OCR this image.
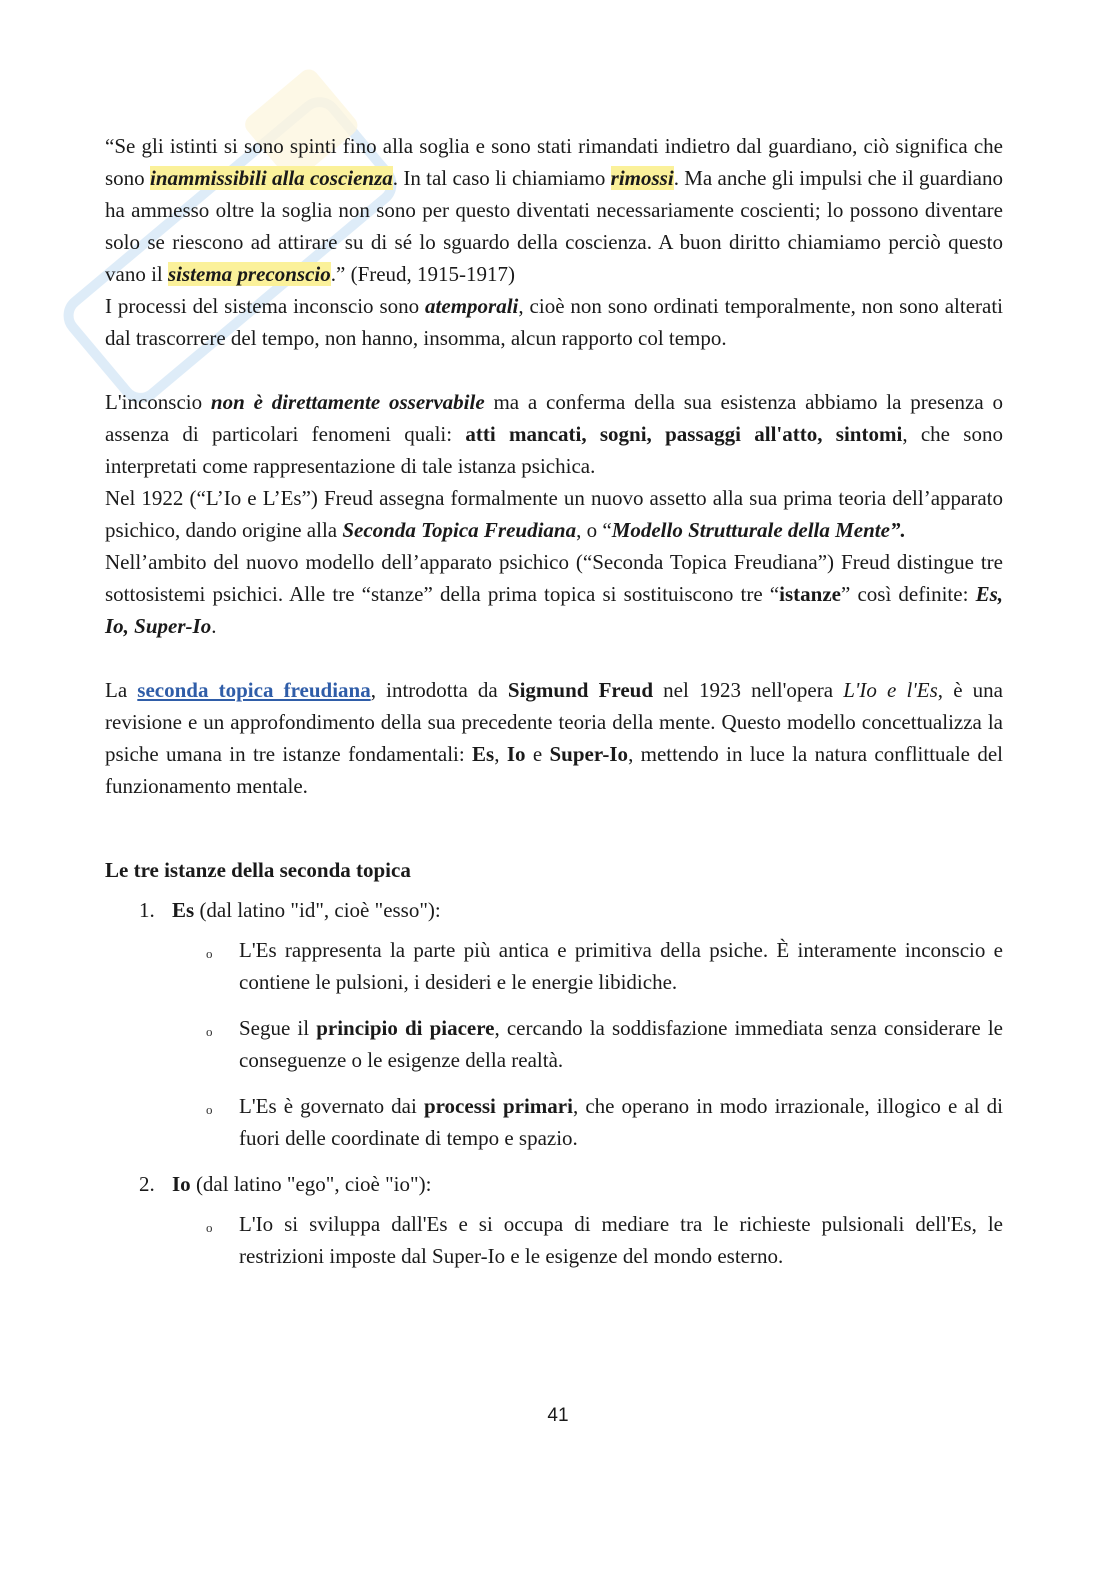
“Se gli istinti si sono spinti fino alla soglia e sono stati rimandati indietro dal guardiano, ciò significa che sono inammissibili alla coscienza. In tal caso li chiamiamo rimossi. Ma anche gli impulsi che il guardiano ha ammesso oltre la soglia non sono per questo diventati necessariamente coscienti; lo possono diventare solo se riescono ad attirare su di sé lo sguardo della coscienza. A buon diritto chiamiamo perciò questo vano il sistema preconscio.” (Freud, 1915-1917)

I processi del sistema inconscio sono atemporali, cioè non sono ordinati temporalmente, non sono alterati dal trascorrere del tempo, non hanno, insomma, alcun rapporto col tempo.

L'inconscio non è direttamente osservabile ma a conferma della sua esistenza abbiamo la presenza o assenza di particolari fenomeni quali: atti mancati, sogni, passaggi all'atto, sintomi, che sono interpretati come rappresentazione di tale istanza psichica.

Nel 1922 (“L’Io e L’Es”) Freud assegna formalmente un nuovo assetto alla sua prima teoria dell’apparato psichico, dando origine alla Seconda Topica Freudiana, o “Modello Strutturale della Mente”.

Nell’ambito del nuovo modello dell’apparato psichico (“Seconda Topica Freudiana”) Freud distingue tre sottosistemi psichici. Alle tre “stanze” della prima topica si sostituiscono tre “istanze” così definite: Es, Io, Super-Io.

La seconda topica freudiana, introdotta da Sigmund Freud nel 1923 nell'opera L'Io e l'Es, è una revisione e un approfondimento della sua precedente teoria della mente. Questo modello concettualizza la psiche umana in tre istanze fondamentali: Es, Io e Super-Io, mettendo in luce la natura conflittuale del funzionamento mentale.

Le tre istanze della seconda topica
1. Es (dal latino "id", cioè "esso"):
o L'Es rappresenta la parte più antica e primitiva della psiche. È interamente inconscio e contiene le pulsioni, i desideri e le energie libidiche.
o Segue il principio di piacere, cercando la soddisfazione immediata senza considerare le conseguenze o le esigenze della realtà.
o L'Es è governato dai processi primari, che operano in modo irrazionale, illogico e al di fuori delle coordinate di tempo e spazio.
2. Io (dal latino "ego", cioè "io"):
o L'Io si sviluppa dall'Es e si occupa di mediare tra le richieste pulsionali dell'Es, le restrizioni imposte dal Super-Io e le esigenze del mondo esterno.
41
